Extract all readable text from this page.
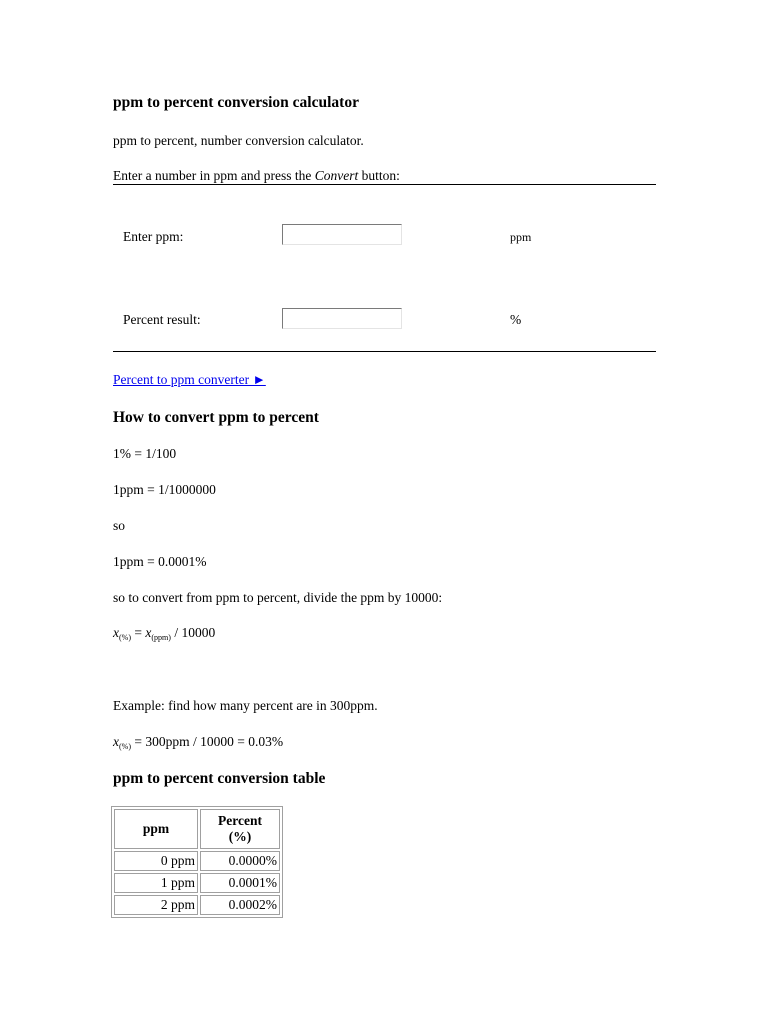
ppm to percent conversion calculator
ppm to percent, number conversion calculator.
Enter a number in ppm and press the Convert button:
Enter ppm:	ppm
Percent result:	%
Percent to ppm converter ►
How to convert ppm to percent
1% = 1/100
1ppm = 1/1000000
so
1ppm = 0.0001%
so to convert from ppm to percent, divide the ppm by 10000:
$x_{(\%)} = x_{(ppm)} / 10000$
Example: find how many percent are in 300ppm.
$x_{(\%)} = 300ppm / 10000 = 0.03\%$
ppm to percent conversion table
ppm	Percent
(%)
0 ppm	0.0000%
1 ppm	0.0001%
2 ppm	0.0002%
